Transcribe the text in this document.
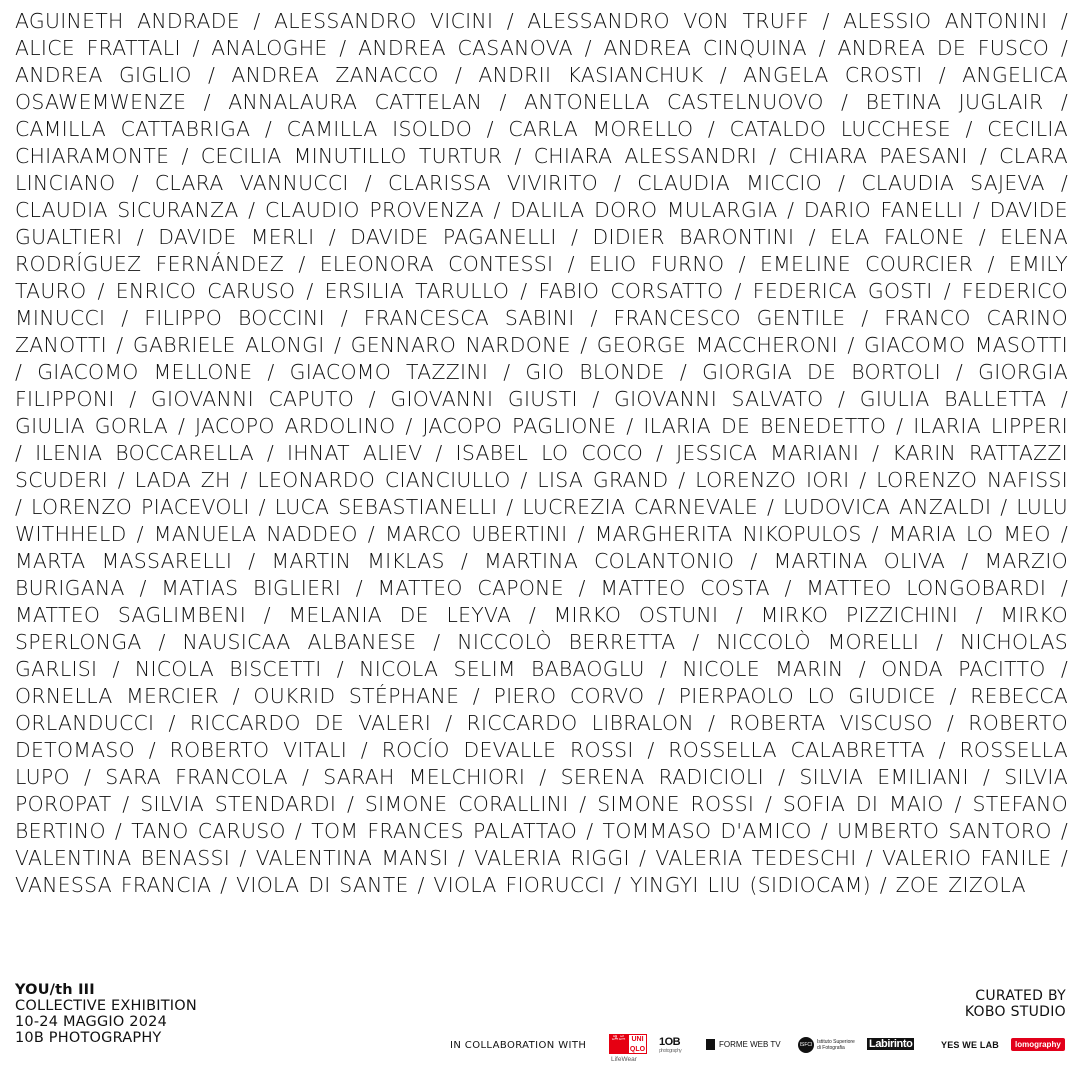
AGUINETH ANDRADE / ALESSANDRO VICINI / ALESSANDRO VON TRUFF / ALESSIO ANTONINI / ALICE FRATTALI / ANALOGHE / ANDREA CASANOVA / ANDREA CINQUINA / ANDREA DE FUSCO / ANDREA GIGLIO / ANDREA ZANACCO / ANDRII KASIANCHUK / ANGELA CROSTI / ANGELICA OSAWEMWENZE / ANNALAURA CATTELAN / ANTONELLA CASTELNUOVO / BETINA JUGLAIR / CAMILLA CATTABRIGA / CAMILLA ISOLDO / CARLA MORELLO / CATALDO LUCCHESE / CECILIA CHIARAMONTE / CECILIA MINUTILLO TURTUR / CHIARA ALESSANDRI / CHIARA PAESANI / CLARA LINCIANO / CLARA VANNUCCI / CLARISSA VIVIRITO / CLAUDIA MICCIO / CLAUDIA SAJEVA / CLAUDIA SICURANZA / CLAUDIO PROVENZA / DALILA DORO MULARGIA / DARIO FANELLI / DAVIDE GUALTIERI / DAVIDE MERLI / DAVIDE PAGANELLI / DIDIER BARONTINI / ELA FALONE / ELENA RODRÍGUEZ FERNÁNDEZ / ELEONORA CONTESSI / ELIO FURNO / EMELINE COURCIER / EMILY TAURO / ENRICO CARUSO / ERSILIA TARULLO / FABIO CORSATTO / FEDERICA GOSTI / FEDERICO MINUCCI / FILIPPO BOCCINI / FRANCESCA SABINI / FRANCESCO GENTILE / FRANCO CARINO ZANOTTI / GABRIELE ALONGI / GENNARO NARDONE / GEORGE MACCHERONI / GIACOMO MASOTTI / GIACOMO MELLONE / GIACOMO TAZZINI / GIO BLONDE / GIORGIA DE BORTOLI / GIORGIA FILIPPONI / GIOVANNI CAPUTO / GIOVANNI GIUSTI / GIOVANNI SALVATO / GIULIA BALLETTA / GIULIA GORLA / JACOPO ARDOLINO / JACOPO PAGLIONE / ILARIA DE BENEDETTO / ILARIA LIPPERI / ILENIA BOCCARELLA / IHNAT ALIEV / ISABEL LO COCO / JESSICA MARIANI / KARIN RATTAZZI SCUDERI / LADA ZH / LEONARDO CIANCIULLO / LISA GRAND / LORENZO IORI / LORENZO NAFISSI / LORENZO PIACEVOLI / LUCA SEBASTIANELLI / LUCREZIA CARNEVALE / LUDOVICA ANZALDI / LULU WITHHELD / MANUELA NADDEO / MARCO UBERTINI / MARGHERITA NIKOPULOS / MARIA LO MEO / MARTA MASSARELLI / MARTIN MIKLAS / MARTINA COLANTONIO / MARTINA OLIVA / MARZIO BURIGANA / MATIAS BIGLIERI / MATTEO CAPONE / MATTEO COSTA / MATTEO LONGOBARDI / MATTEO SAGLIMBENI / MELANIA DE LEYVA / MIRKO OSTUNI / MIRKO PIZZICHINI / MIRKO SPERLONGA / NAUSICAA ALBANESE / NICCOLÒ BERRETTA / NICCOLÒ MORELLI / NICHOLAS GARLISI / NICOLA BISCETTI / NICOLA SELIM BABAOGLU / NICOLE MARIN / ONDA PACITTO / ORNELLA MERCIER / OUKRID STÉPHANE / PIERO CORVO / PIERPAOLO LO GIUDICE / REBECCA ORLANDUCCI / RICCARDO DE VALERI / RICCARDO LIBRALON / ROBERTA VISCUSO / ROBERTO DETOMASO / ROBERTO VITALI / ROCÍO DEVALLE ROSSI / ROSSELLA CALABRETTA / ROSSELLA LUPO / SARA FRANCOLA / SARAH MELCHIORI / SERENA RADICIOLI / SILVIA EMILIANI / SILVIA POROPAT / SILVIA STENDARDI / SIMONE CORALLINI / SIMONE ROSSI / SOFIA DI MAIO / STEFANO BERTINO / TANO CARUSO / TOM FRANCES PALATTAO / TOMMASO D'AMICO / UMBERTO SANTORO / VALENTINA BENASSI / VALENTINA MANSI / VALERIA RIGGI / VALERIA TEDESCHI / VALERIO FANILE / VANESSA FRANCIA / VIOLA DI SANTE / VIOLA FIORUCCI / YINGYI LIU (SIDIOCAM) / ZOE ZIZOLA
YOU/th III
COLLECTIVE EXHIBITION
10-24 MAGGIO 2024
10B PHOTOGRAPHY
CURATED BY
KOBO STUDIO
IN COLLABORATION WITH
ユニ UNI QLO
LifeWear
1OB
photography
FORME WEB TV	ISFCI Istituto Superiore di Fotografia	Labirinto	YES WE LAB	lomography
